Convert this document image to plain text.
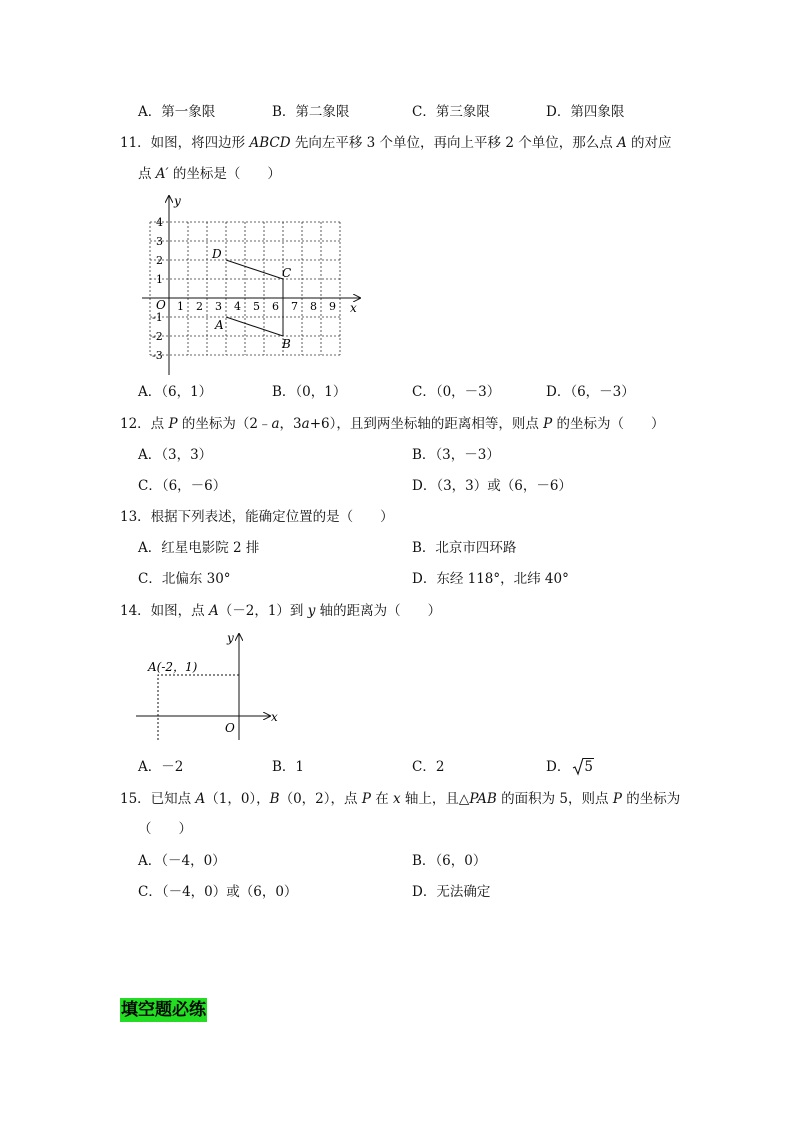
A．第一象限	B．第二象限	C．第三象限	D．第四象限
11．如图，将四边形 ABCD 先向左平移 3 个单位，再向上平移 2 个单位，那么点 A 的对应
点 A′ 的坐标是（　　）
y
x
O 1 2 3 4 5 6 7 8 9
1
2
3
4
-1
-2
-3
D
C
A
B
A．（6，1）	B．（0，1）	C．（0，－3）	D．（6，－3）
12．点 P 的坐标为（2﹣a，3a+6），且到两坐标轴的距离相等，则点 P 的坐标为（　　）
A．（3，3）	B．（3，－3）
C．（6，－6）	D．（3，3）或（6，－6）
13．根据下列表述，能确定位置的是（　　）
A．红星电影院 2 排	B．北京市四环路
C．北偏东 30°	D．东经 118°，北纬 40°
14．如图，点 A（－2，1）到 y 轴的距离为（　　）
A(-2，1)
y
x
O
A．－2	B．1	C．2	D． 5
15．已知点 A（1，0），B（0，2），点 P 在 x 轴上，且△PAB 的面积为 5，则点 P 的坐标为
（　　）
A．（－4，0）	B．（6，0）
C．（－4，0）或（6，0）	D．无法确定
填空题必练
